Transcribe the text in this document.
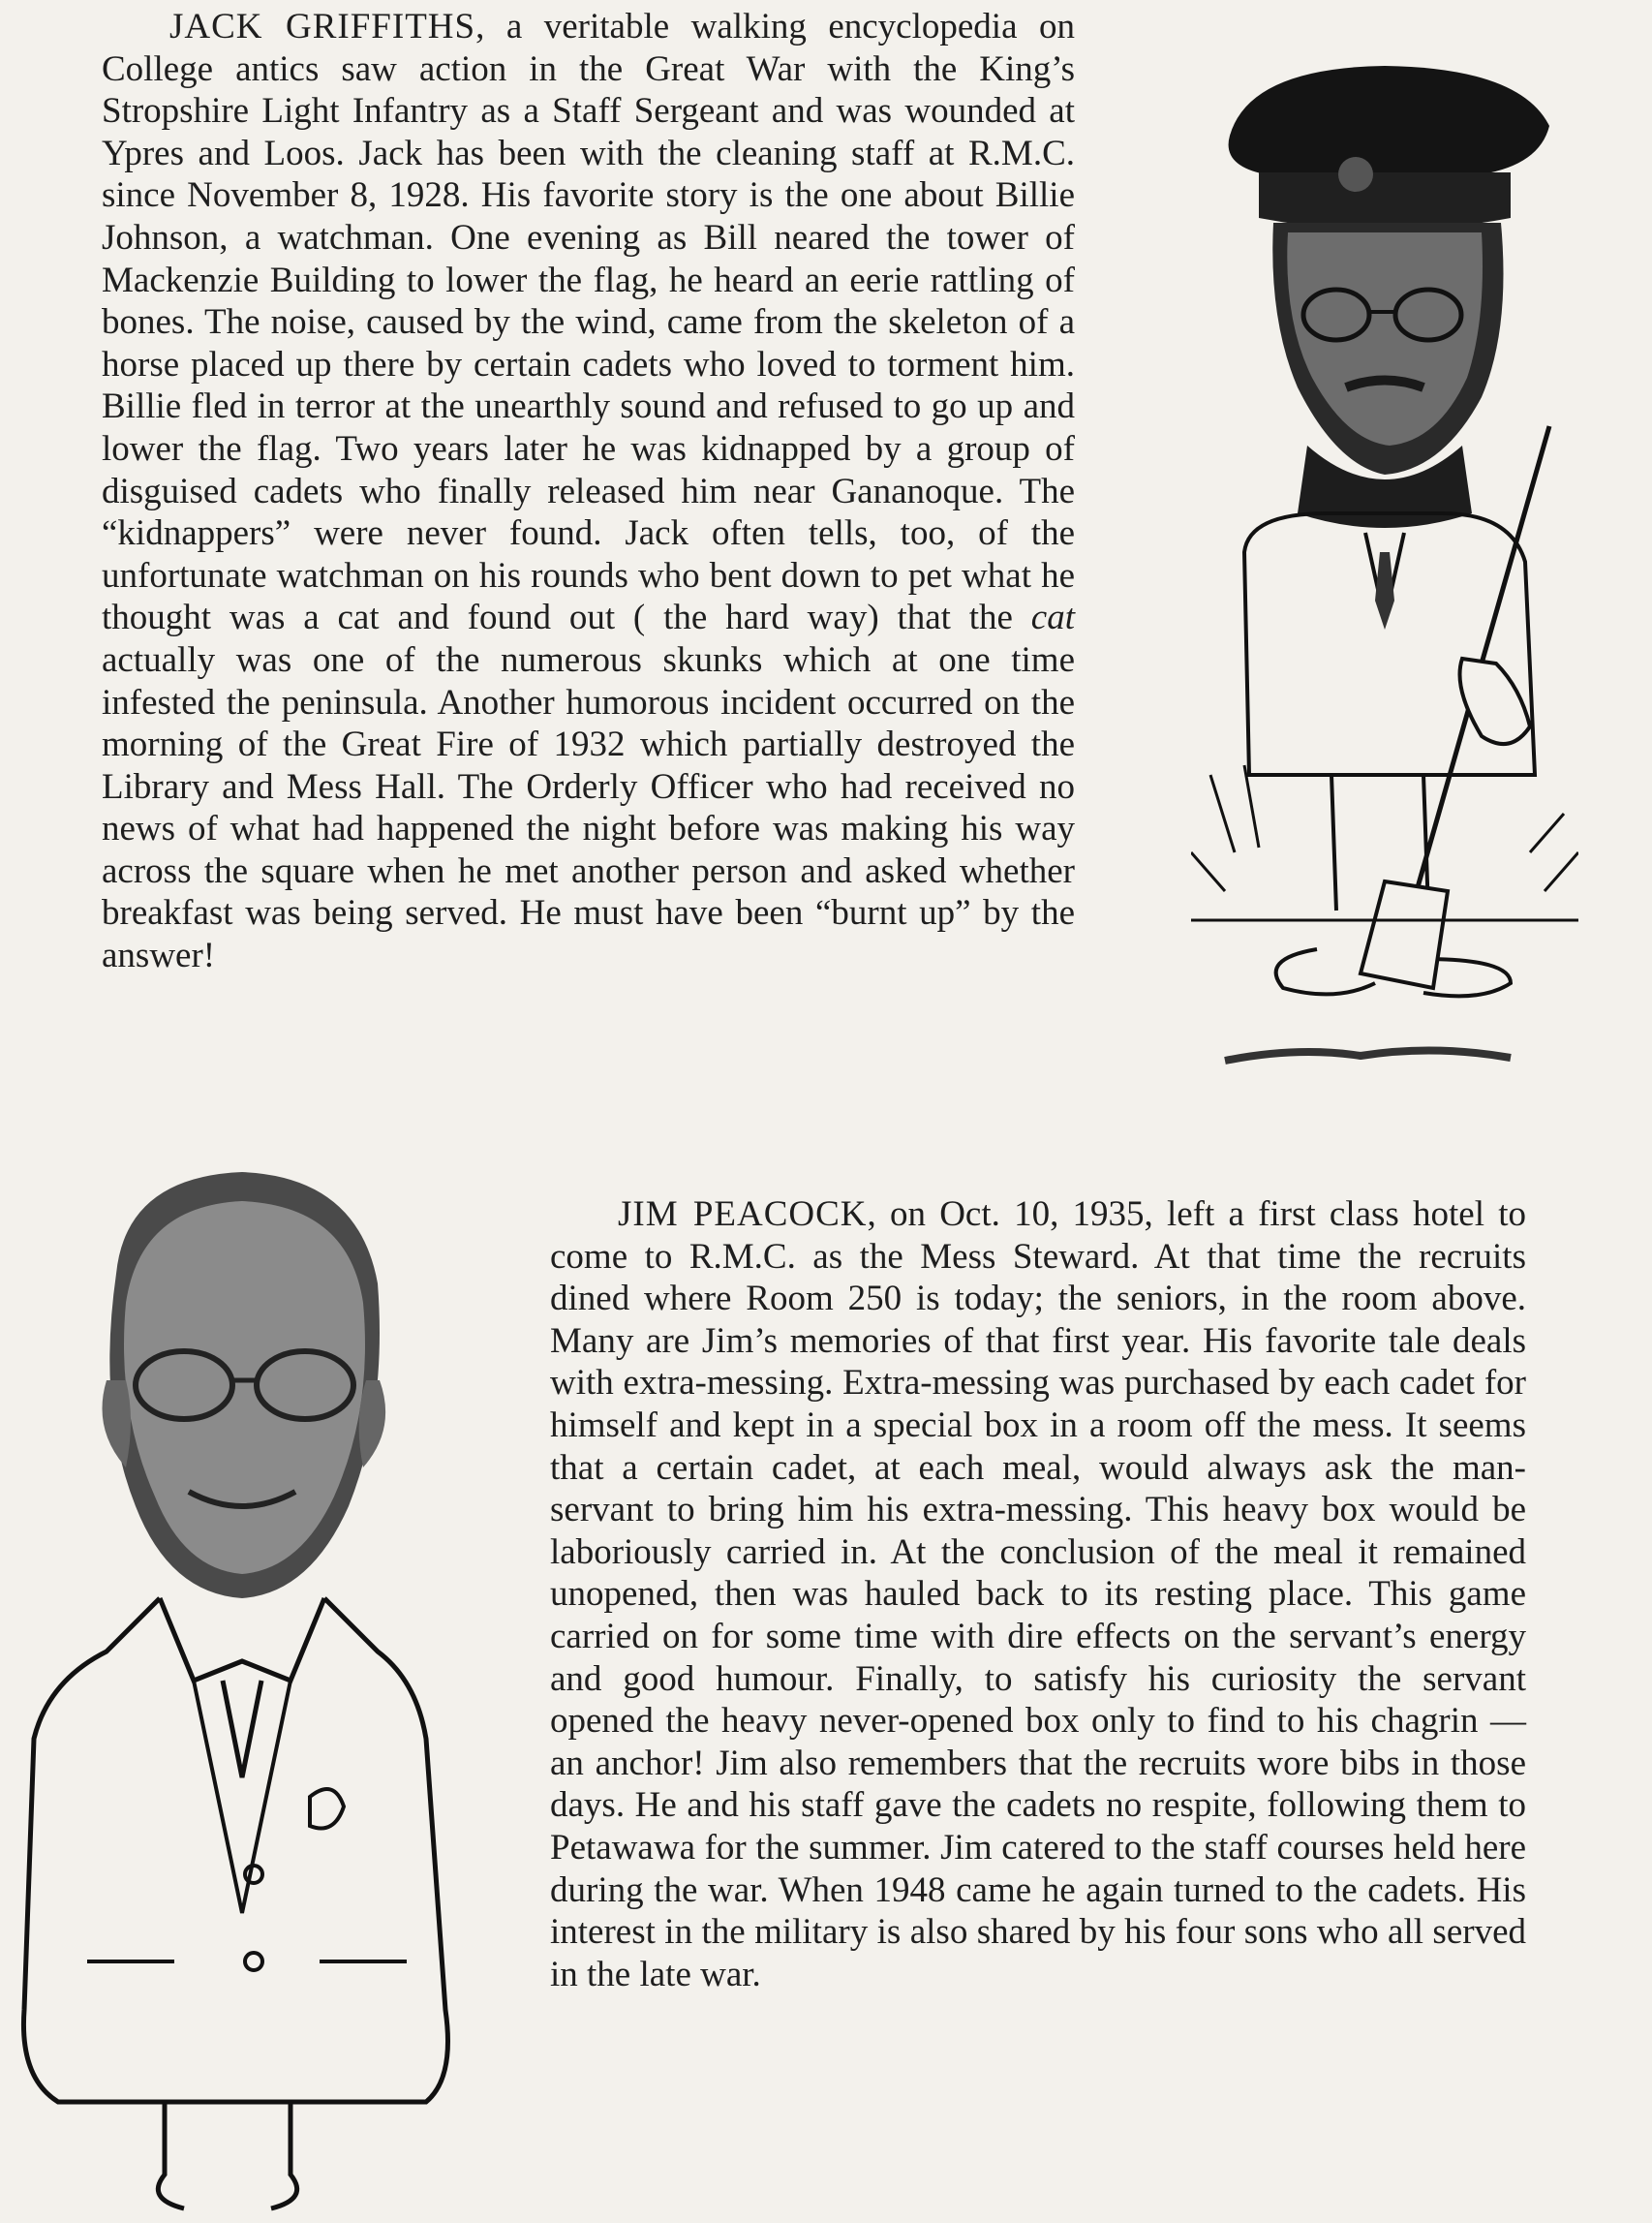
JACK GRIFFITHS, a veritable walking encyclopedia on College antics saw action in the Great War with the King’s Stropshire Light Infantry as a Staff Sergeant and was wounded at Ypres and Loos. Jack has been with the cleaning staff at R.M.C. since November 8, 1928. His favorite story is the one about Billie Johnson, a watchman. One evening as Bill neared the tower of Mackenzie Building to lower the flag, he heard an eerie rattling of bones. The noise, caused by the wind, came from the skeleton of a horse placed up there by certain cadets who loved to torment him. Billie fled in terror at the unearthly sound and refused to go up and lower the flag. Two years later he was kidnapped by a group of disguised cadets who finally released him near Gananoque. The “kidnappers” were never found. Jack often tells, too, of the unfortunate watchman on his rounds who bent down to pet what he thought was a cat and found out ( the hard way) that the cat actually was one of the numerous skunks which at one time infested the peninsula. Another humorous incident occurred on the morning of the Great Fire of 1932 which partially destroyed the Library and Mess Hall. The Orderly Officer who had received no news of what had happened the night before was making his way across the square when he met another person and asked whether breakfast was being served. He must have been “burnt up” by the answer!

JIM PEACOCK, on Oct. 10, 1935, left a first class hotel to come to R.M.C. as the Mess Steward. At that time the recruits dined where Room 250 is today; the seniors, in the room above. Many are Jim’s memories of that first year. His favorite tale deals with extra-messing. Extra-messing was purchased by each cadet for himself and kept in a special box in a room off the mess. It seems that a certain cadet, at each meal, would always ask the man-servant to bring him his extra-messing. This heavy box would be laboriously carried in. At the conclusion of the meal it remained unopened, then was hauled back to its resting place. This game carried on for some time with dire effects on the servant’s energy and good humour. Finally, to satisfy his curiosity the servant opened the heavy never-opened box only to find to his chagrin — an anchor! Jim also remembers that the recruits wore bibs in those days. He and his staff gave the cadets no respite, following them to Petawawa for the summer. Jim catered to the staff courses held here during the war. When 1948 came he again turned to the cadets. His interest in the military is also shared by his four sons who all served in the late war.
